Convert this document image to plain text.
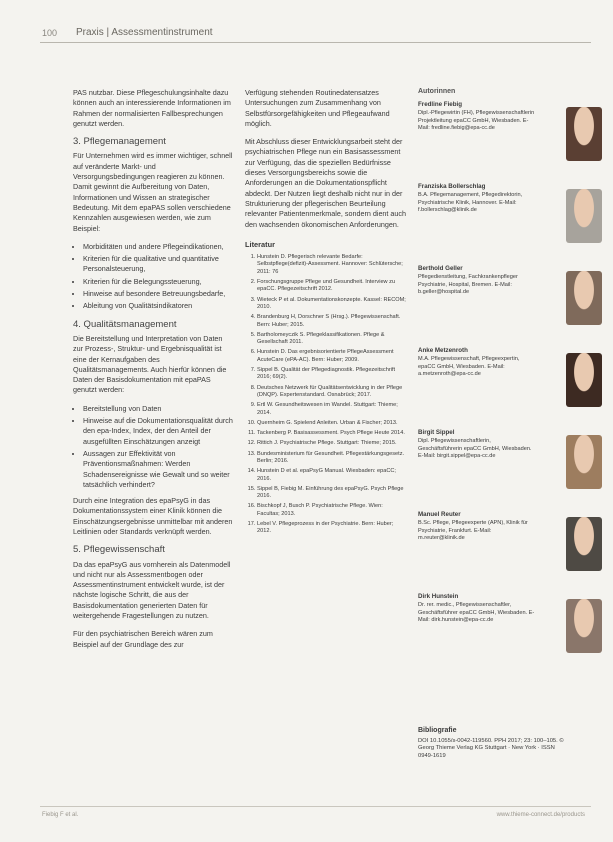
100 Praxis | Assessmentinstrument

PAS nutzbar. Diese Pflegeschulungsinhalte dazu können auch an interessierende Informationen im Rahmen der normalisierten Fallbesprechungen genutzt werden.

3. Pflegemanagement

Für Unternehmen wird es immer wichtiger, schnell auf veränderte Markt- und Versorgungsbedingungen reagieren zu können. Damit gewinnt die Aufbereitung von Daten, Informationen und Wissen an strategischer Bedeutung. Mit dem epaPAS sollen verschiedene Kennzahlen ausgewiesen werden, wie zum Beispiel:

• Morbiditäten und andere Pflegeindikationen,
• Kriterien für die qualitative und quantitative Personalsteuerung,
• Kriterien für die Belegungssteuerung,
• Hinweise auf besondere Betreuungsbedarfe,
• Ableitung von Qualitätsindikatoren
4. Qualitätsmanagement

Die Bereitstellung und Interpretation von Daten zur Prozess-, Struktur- und Ergebnisqualität ist eine der Kernaufgaben des Qualitätsmanagements. Auch hierfür können die Daten der Basisdokumentation mit epaPAS genutzt werden:

• Bereitstellung von Daten
• Hinweise auf die Dokumentationsqualität durch den epa-Index, Index, der den Anteil der ausgefüllten Einschätzungen anzeigt
• Aussagen zur Effektivität von Präventionsmaßnahmen: Werden Schadensereignisse wie Gewalt und so weiter tatsächlich verhindert?

Durch eine Integration des epaPsyG in das Dokumentationssystem einer Klinik können die Einschätzungsergebnisse unmittelbar mit anderen Leitlinien oder Standards verknüpft werden.

5. Pflegewissenschaft

Da das epaPsyG aus vornherein als Datenmodell und nicht nur als Assessmentbogen oder Assessmentinstrument entwickelt wurde, ist der nächste logische Schritt, die aus der Basisdokumentation generierten Daten für weitergehende Fragestellungen zu nutzen.

Für den psychiatrischen Bereich wären zum Beispiel auf der Grundlage des zur

Verfügung stehenden Routinedatensatzes Untersuchungen zum Zusammenhang von Selbstfürsorgefähigkeiten und Pflegeaufwand möglich.

Mit Abschluss dieser Entwicklungsarbeit steht der psychiatrischen Pflege nun ein Basisassessment zur Verfügung, das die speziellen Bedürfnisse dieses Versorgungsbereichs sowie die Anforderungen an die Dokumentationspflicht abdeckt. Der Nutzen liegt deshalb nicht nur in der Strukturierung der pflegerischen Beurteilung relevanter Patientenmerkmale, sondern dient auch den wachsenden ökonomischen Anforderungen.

Literatur
1. Hunstein D. Pflegerisch relevante Bedarfe: Selbstpflege(defizit)-Assessment. Hannover: Schlütersche; 2011: 76
2. Forschungsgruppe Pflege und Gesundheit. Interview zu epaCC. Pflegezeitschrift 2012.
3. Wieteck P et al. Dokumentationskonzepte. Kassel: RECOM; 2010.
4. Brandenburg H, Dorschner S (Hrsg.). Pflegewissenschaft. Bern: Huber; 2015.
5. Bartholomeyczik S. Pflegeklassifikationen. Pflege & Gesellschaft 2011.
6. Hunstein D. Das ergebnisorientierte PflegeAssessment AcuteCare (ePA-AC). Bern: Huber; 2009.
7. Sippel B. Qualität der Pflegediagnostik. Pflegezeitschrift 2016; 69(2).
8. Deutsches Netzwerk für Qualitätsentwicklung in der Pflege (DNQP). Expertenstandard. Osnabrück; 2017.
9. Ertl W. Gesundheitswesen im Wandel. Stuttgart: Thieme; 2014.
10. Quernheim G. Spielend Anleiten. Urban & Fischer; 2013.
11. Tackenberg P. Basisassessment. Psych Pflege Heute 2014.
12. Rittich J. Psychiatrische Pflege. Stuttgart: Thieme; 2015.
13. Bundesministerium für Gesundheit. Pflegestärkungsgesetz. Berlin; 2016.
14. Hunstein D et al. epaPsyG Manual. Wiesbaden: epaCC; 2016.
15. Sippel B, Fiebig M. Einführung des epaPsyG. Psych Pflege 2016.
16. Bischkopf J, Busch P. Psychiatrische Pflege. Wien: Facultas; 2013.
17. Lebel V. Pflegeprozess in der Psychiatrie. Bern: Huber; 2012.
Autorinnen
Fredline Fiebig
Dipl.-Pflegewirtin (FH), Pflegewissenschaftlerin Projektleitung epaCC GmbH, Wiesbaden. E-Mail: fredline.fiebig@epa-cc.de
Franziska Bollerschlag
B.A. Pflegemanagement, Pflegedirektorin, Psychiatrische Klinik, Hannover. E-Mail: f.bollerschlag@klinik.de
Berthold Geller
Pflegedienstleitung, Fachkrankenpfleger Psychiatrie, Hospital, Bremen. E-Mail: b.geller@hospital.de
Anke Metzenroth
M.A. Pflegewissenschaft, Pflegeexpertin, epaCC GmbH, Wiesbaden. E-Mail: a.metzenroth@epa-cc.de
Birgit Sippel
Dipl. Pflegewissenschaftlerin, Geschäftsführerin epaCC GmbH, Wiesbaden. E-Mail: birgit.sippel@epa-cc.de
Manuel Reuter
B.Sc. Pflege, Pflegeexperte (APN), Klinik für Psychiatrie, Frankfurt. E-Mail: m.reuter@klinik.de
Dirk Hunstein
Dr. rer. medic., Pflegewissenschaftler, Geschäftsführer epaCC GmbH, Wiesbaden. E-Mail: dirk.hunstein@epa-cc.de
Bibliografie
DOI 10.1055/s-0042-119560. PPH 2017; 23: 100–105. © Georg Thieme Verlag KG Stuttgart · New York · ISSN 0949-1619
Fiebig F et al.	www.thieme-connect.de/products
